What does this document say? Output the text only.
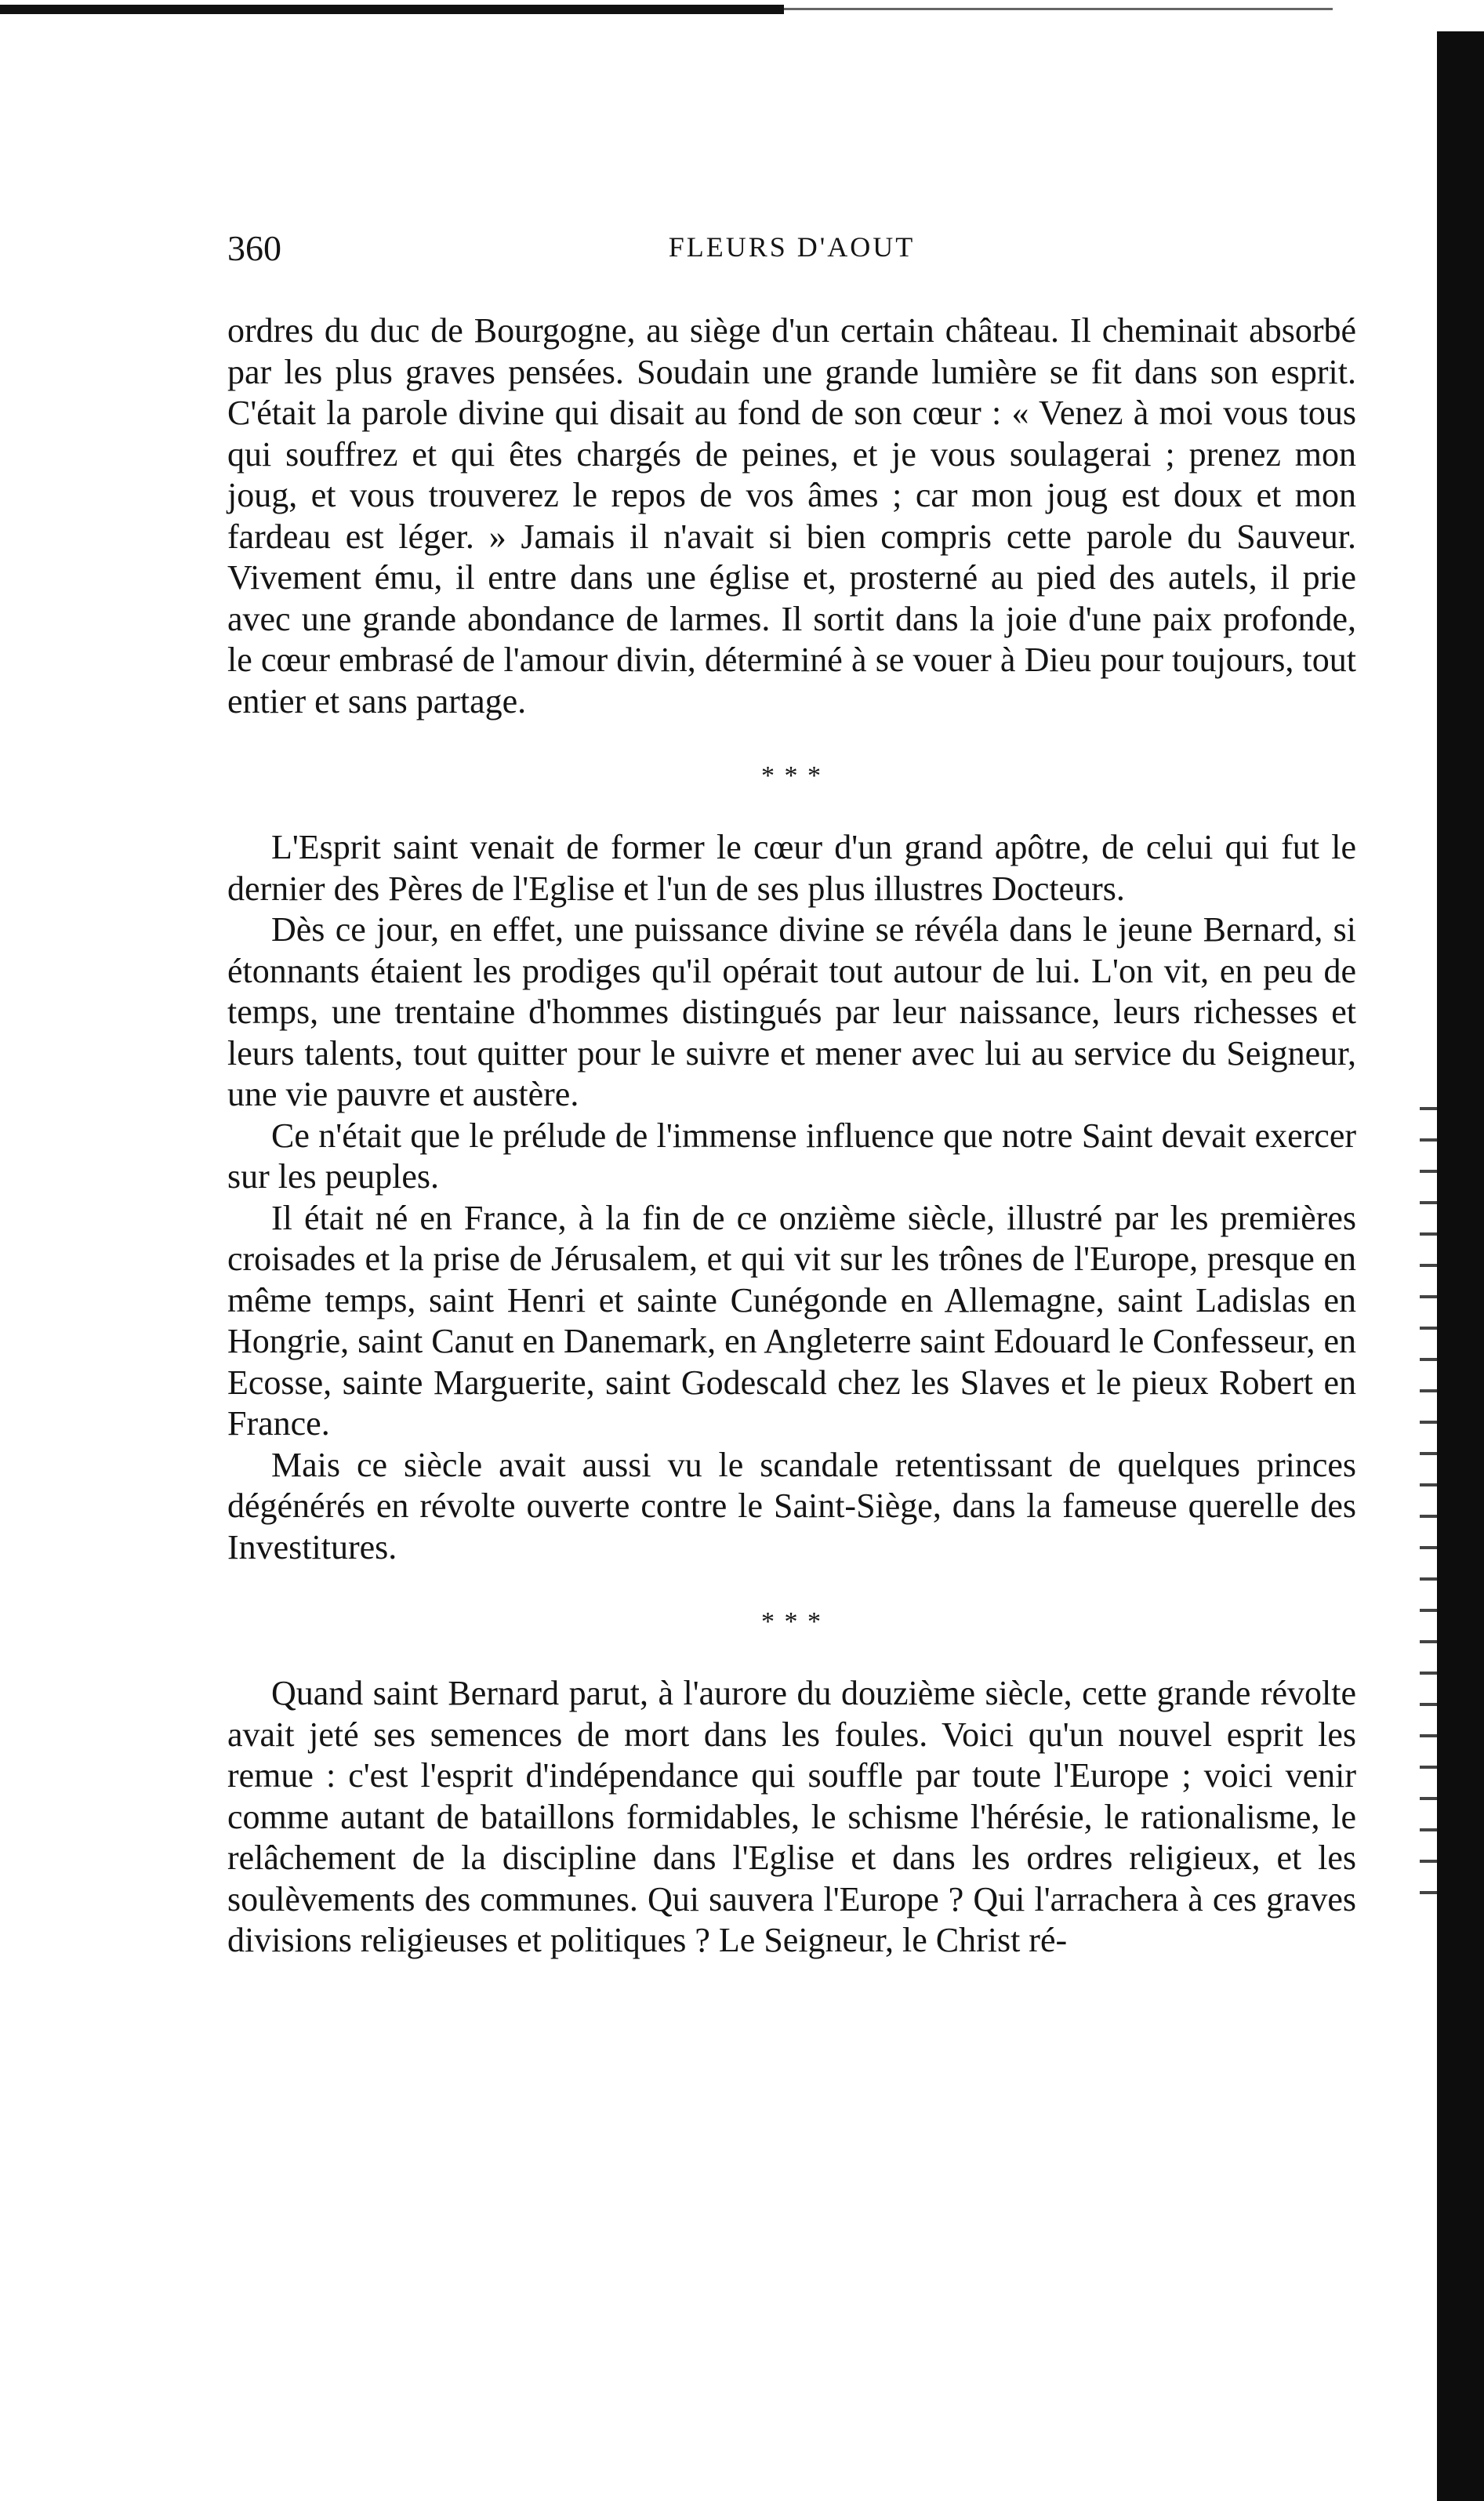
360	FLEURS D'AOUT

ordres du duc de Bourgogne, au siège d'un certain château. Il cheminait absorbé par les plus graves pensées. Soudain une grande lumière se fit dans son esprit. C'était la parole divine qui disait au fond de son cœur : « Venez à moi vous tous qui souffrez et qui êtes chargés de peines, et je vous soulagerai ; prenez mon joug, et vous trouverez le repos de vos âmes ; car mon joug est doux et mon fardeau est léger. » Jamais il n'avait si bien compris cette parole du Sauveur. Vivement ému, il entre dans une église et, prosterné au pied des autels, il prie avec une grande abondance de larmes. Il sortit dans la joie d'une paix profonde, le cœur embrasé de l'amour divin, déterminé à se vouer à Dieu pour toujours, tout entier et sans partage.

* * *

L'Esprit saint venait de former le cœur d'un grand apôtre, de celui qui fut le dernier des Pères de l'Eglise et l'un de ses plus illustres Docteurs.

Dès ce jour, en effet, une puissance divine se révéla dans le jeune Bernard, si étonnants étaient les prodiges qu'il opérait tout autour de lui. L'on vit, en peu de temps, une trentaine d'hommes distingués par leur naissance, leurs richesses et leurs talents, tout quitter pour le suivre et mener avec lui au service du Seigneur, une vie pauvre et austère.

Ce n'était que le prélude de l'immense influence que notre Saint devait exercer sur les peuples.

Il était né en France, à la fin de ce onzième siècle, illustré par les premières croisades et la prise de Jérusalem, et qui vit sur les trônes de l'Europe, presque en même temps, saint Henri et sainte Cunégonde en Allemagne, saint Ladislas en Hongrie, saint Canut en Danemark, en Angleterre saint Edouard le Confesseur, en Ecosse, sainte Marguerite, saint Godescald chez les Slaves et le pieux Robert en France.

Mais ce siècle avait aussi vu le scandale retentissant de quelques princes dégénérés en révolte ouverte contre le Saint-Siège, dans la fameuse querelle des Investitures.

* * *

Quand saint Bernard parut, à l'aurore du douzième siècle, cette grande révolte avait jeté ses semences de mort dans les foules. Voici qu'un nouvel esprit les remue : c'est l'esprit d'indépendance qui souffle par toute l'Europe ; voici venir comme autant de bataillons formidables, le schisme l'hérésie, le rationalisme, le relâchement de la discipline dans l'Eglise et dans les ordres religieux, et les soulèvements des communes. Qui sauvera l'Europe ? Qui l'arrachera à ces graves divisions religieuses et politiques ? Le Seigneur, le Christ ré-
